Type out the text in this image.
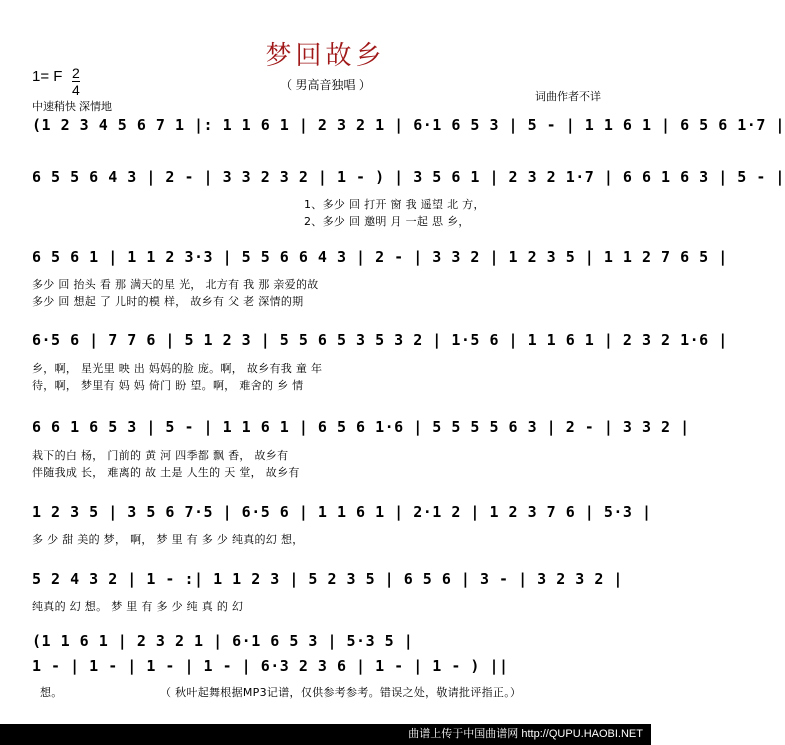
梦回故乡
（ 男高音独唱 ）
1= F 2
4
中速稍快 深情地
词曲作者不详
(1 2 3 4 5 6 7 1 |: 1 1 6 1 | 2 3 2 1 | 6·1 6 5 3 | 5 - | 1 1 6 1 | 6 5 6 1·7 |
6 5 5 6 4 3 | 2 - | 3 3 2 3 2 | 1 - ) | 3 5 6 1 | 2 3 2 1·7 | 6 6 1 6 3 | 5 - |
1、多少 回 打开 窗 我 遥望 北 方，
2、多少 回 邀明 月 一起 思 乡，
6 5 6 1 | 1 1 2 3·3 | 5 5 6 6 4 3 | 2 - | 3 3 2 | 1 2 3 5 | 1 1 2 7 6 5 |
多少 回 抬头 看 那 满天的星 光， 北方有 我 那 亲爱的故
多少 回 想起 了 儿时的模 样， 故乡有 父 老 深情的期
6·5 6 | 7 7 6 | 5 1 2 3 | 5 5 6 5 3 5 3 2 | 1·5 6 | 1 1 6 1 | 2 3 2 1·6 |
乡，啊， 星光里 映 出 妈妈的脸 庞。啊， 故乡有我 童 年
待，啊， 梦里有 妈 妈 倚门 盼 望。啊， 难舍的 乡 情
6 6 1 6 5 3 | 5 - | 1 1 6 1 | 6 5 6 1·6 | 5 5 5 5 6 3 | 2 - | 3 3 2 |
栽下的白 杨， 门前的 黄 河 四季都 飘 香， 故乡有
伴随我成 长， 难离的 故 土是 人生的 天 堂， 故乡有
1 2 3 5 | 3 5 6 7·5 | 6·5 6 | 1 1 6 1 | 2·1 2 | 1 2 3 7 6 | 5·3 |
多 少 甜 美的 梦， 啊， 梦 里 有 多 少 纯真的幻 想，
5 2 4 3 2 | 1 - :| 1 1 2 3 | 5 2 3 5 | 6 5 6 | 3 - | 3 2 3 2 |
纯真的 幻 想。 梦 里 有 多 少 纯 真 的 幻
(1 1 6 1 | 2 3 2 1 | 6·1 6 5 3 | 5·3 5 |
1 - | 1 - | 1 - | 1 - | 6·3 2 3 6 | 1 - | 1 - ) ||
想。	（ 秋叶起舞根据MP3记谱，仅供参考参考。错误之处，敬请批评指正。）
曲谱上传于中国曲谱网 http://QUPU.HAOBI.NET
